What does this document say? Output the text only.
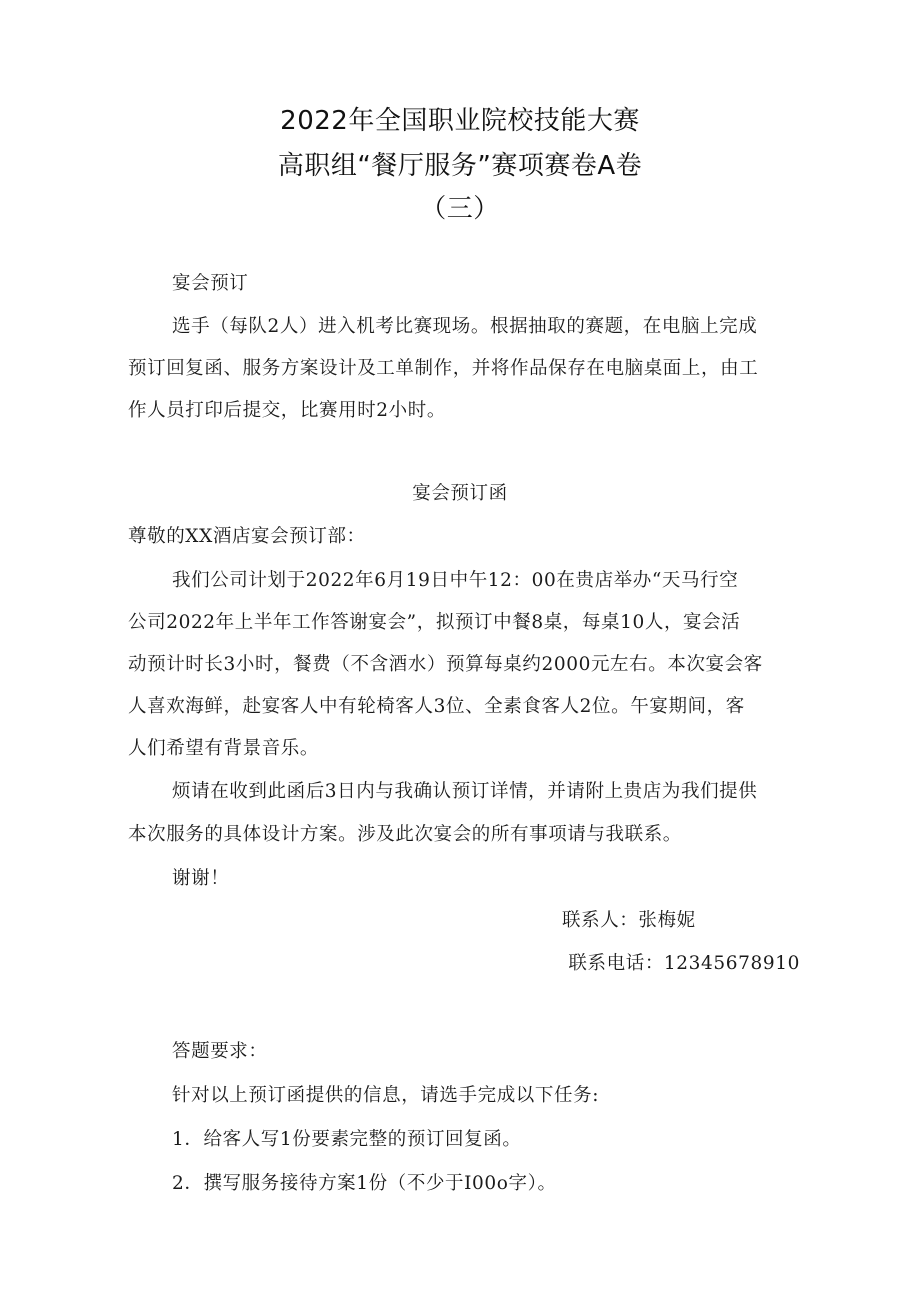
2022年全国职业院校技能大赛
高职组“餐厅服务”赛项赛卷A卷
（三）
宴会预订
选手（每队2人）进入机考比赛现场。根据抽取的赛题，在电脑上完成
预订回复函、服务方案设计及工单制作，并将作品保存在电脑桌面上，由工
作人员打印后提交，比赛用时2小时。
宴会预订函
尊敬的XX酒店宴会预订部：
我们公司计划于2022年6月19日中午12：00在贵店举办“天马行空
公司2022年上半年工作答谢宴会”，拟预订中餐8桌，每桌10人，宴会活
动预计时长3小时，餐费（不含酒水）预算每桌约2000元左右。本次宴会客
人喜欢海鲜，赴宴客人中有轮椅客人3位、全素食客人2位。午宴期间，客
人们希望有背景音乐。
烦请在收到此函后3日内与我确认预订详情，并请附上贵店为我们提供
本次服务的具体设计方案。涉及此次宴会的所有事项请与我联系。
谢谢！
联系人：张梅妮
联系电话：12345678910
答题要求：
针对以上预订函提供的信息，请选手完成以下任务:
1．给客人写1份要素完整的预订回复函。
2．撰写服务接待方案1份（不少于I00o字）。
